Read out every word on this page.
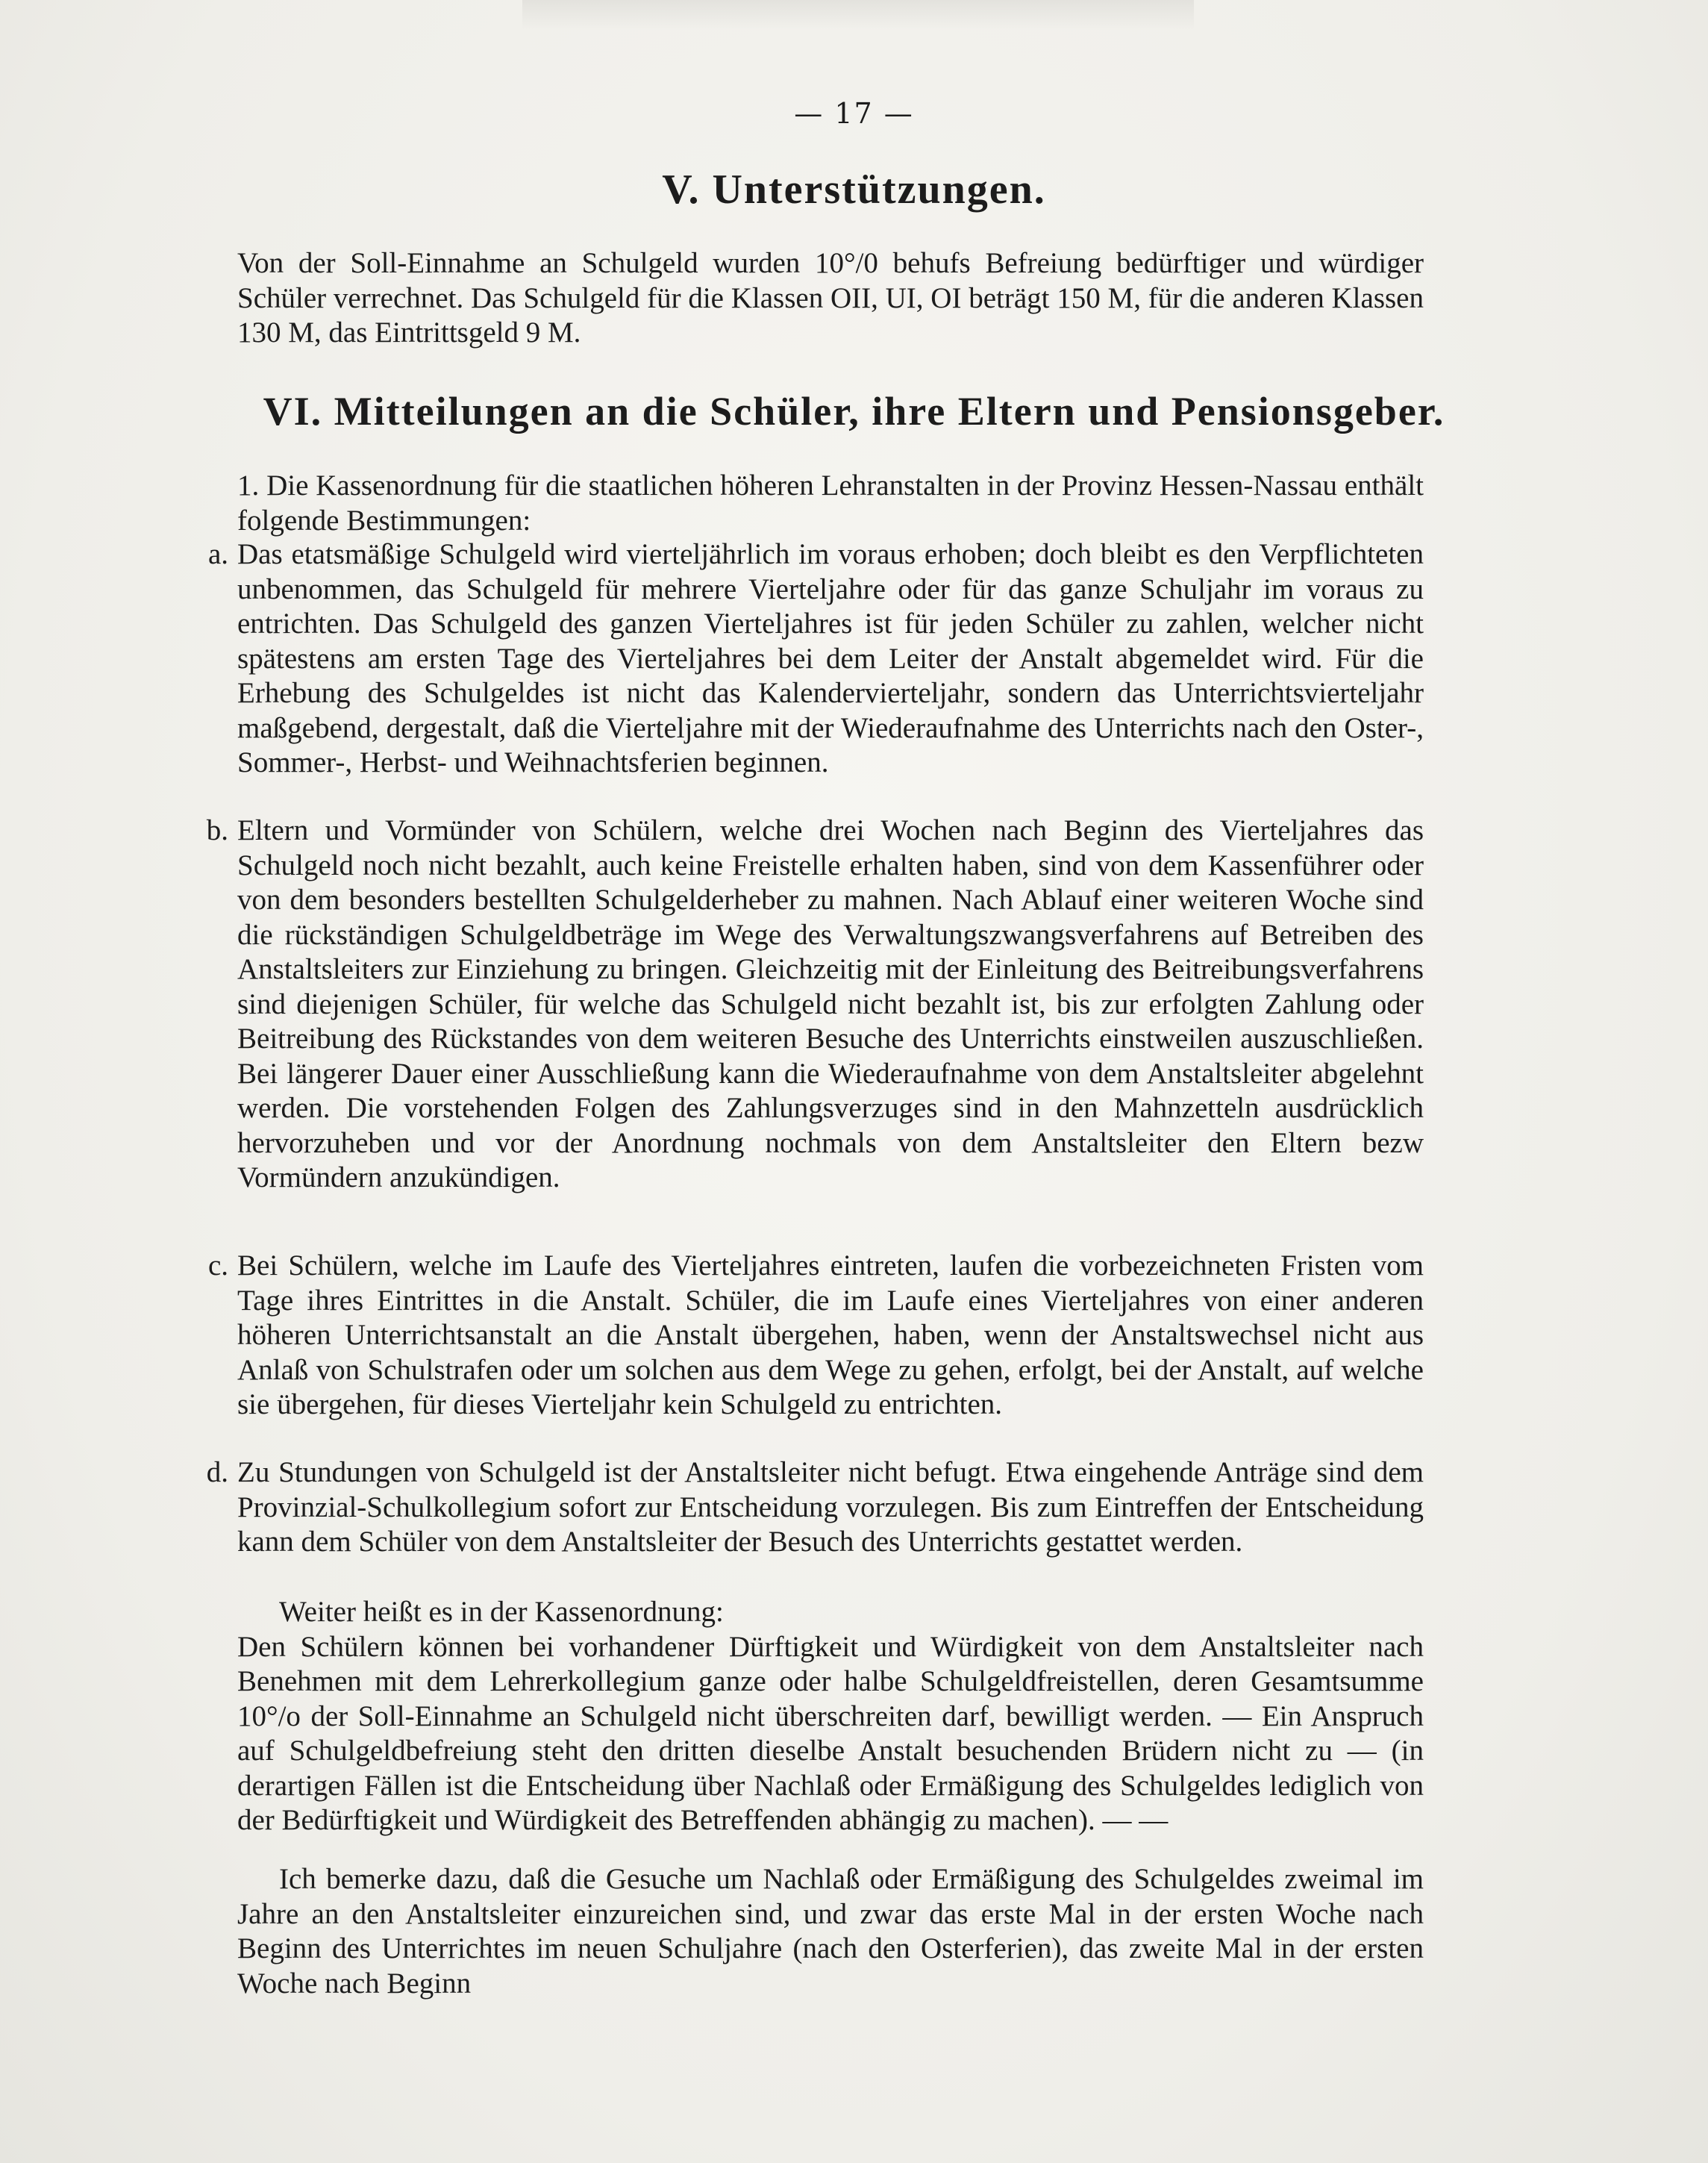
— 17 —
V. Unterstützungen.

Von der Soll-Einnahme an Schulgeld wurden 10°/0 behufs Befreiung bedürftiger und würdiger Schüler verrechnet. Das Schulgeld für die Klassen OII, UI, OI beträgt 150 M, für die anderen Klassen 130 M, das Eintrittsgeld 9 M.

VI. Mitteilungen an die Schüler, ihre Eltern und Pensionsgeber.

1. Die Kassenordnung für die staatlichen höheren Lehranstalten in der Provinz Hessen-Nassau enthält folgende Bestimmungen:

a. Das etatsmäßige Schulgeld wird vierteljährlich im voraus erhoben; doch bleibt es den Verpflichteten unbenommen, das Schulgeld für mehrere Vierteljahre oder für das ganze Schuljahr im voraus zu entrichten. Das Schulgeld des ganzen Vierteljahres ist für jeden Schüler zu zahlen, welcher nicht spätestens am ersten Tage des Vierteljahres bei dem Leiter der Anstalt abgemeldet wird. Für die Erhebung des Schulgeldes ist nicht das Kalendervierteljahr, sondern das Unterrichtsvierteljahr maßgebend, dergestalt, daß die Vierteljahre mit der Wiederaufnahme des Unterrichts nach den Oster-, Sommer-, Herbst- und Weihnachtsferien beginnen.

b. Eltern und Vormünder von Schülern, welche drei Wochen nach Beginn des Vierteljahres das Schulgeld noch nicht bezahlt, auch keine Freistelle erhalten haben, sind von dem Kassenführer oder von dem besonders bestellten Schulgelderheber zu mahnen. Nach Ablauf einer weiteren Woche sind die rückständigen Schulgeldbeträge im Wege des Verwaltungszwangsverfahrens auf Betreiben des Anstaltsleiters zur Einziehung zu bringen. Gleichzeitig mit der Einleitung des Beitreibungsverfahrens sind diejenigen Schüler, für welche das Schulgeld nicht bezahlt ist, bis zur erfolgten Zahlung oder Beitreibung des Rückstandes von dem weiteren Besuche des Unterrichts einstweilen auszuschließen. Bei längerer Dauer einer Ausschließung kann die Wiederaufnahme von dem Anstaltsleiter abgelehnt werden. Die vorstehenden Folgen des Zahlungsverzuges sind in den Mahnzetteln ausdrücklich hervorzuheben und vor der Anordnung nochmals von dem Anstaltsleiter den Eltern bezw Vormündern anzukündigen.

c. Bei Schülern, welche im Laufe des Vierteljahres eintreten, laufen die vorbezeichneten Fristen vom Tage ihres Eintrittes in die Anstalt. Schüler, die im Laufe eines Vierteljahres von einer anderen höheren Unterrichtsanstalt an die Anstalt übergehen, haben, wenn der Anstaltswechsel nicht aus Anlaß von Schulstrafen oder um solchen aus dem Wege zu gehen, erfolgt, bei der Anstalt, auf welche sie übergehen, für dieses Vierteljahr kein Schulgeld zu entrichten.

d. Zu Stundungen von Schulgeld ist der Anstaltsleiter nicht befugt. Etwa eingehende Anträge sind dem Provinzial-Schulkollegium sofort zur Entscheidung vorzulegen. Bis zum Eintreffen der Entscheidung kann dem Schüler von dem Anstaltsleiter der Besuch des Unterrichts gestattet werden.

Weiter heißt es in der Kassenordnung:

Den Schülern können bei vorhandener Dürftigkeit und Würdigkeit von dem Anstaltsleiter nach Benehmen mit dem Lehrerkollegium ganze oder halbe Schulgeldfreistellen, deren Gesamtsumme 10°/o der Soll-Einnahme an Schulgeld nicht überschreiten darf, bewilligt werden. — Ein Anspruch auf Schulgeldbefreiung steht den dritten dieselbe Anstalt besuchenden Brüdern nicht zu — (in derartigen Fällen ist die Entscheidung über Nachlaß oder Ermäßigung des Schulgeldes lediglich von der Bedürftigkeit und Würdigkeit des Betreffenden abhängig zu machen). — —

Ich bemerke dazu, daß die Gesuche um Nachlaß oder Ermäßigung des Schulgeldes zweimal im Jahre an den Anstaltsleiter einzureichen sind, und zwar das erste Mal in der ersten Woche nach Beginn des Unterrichtes im neuen Schuljahre (nach den Osterferien), das zweite Mal in der ersten Woche nach Beginn
